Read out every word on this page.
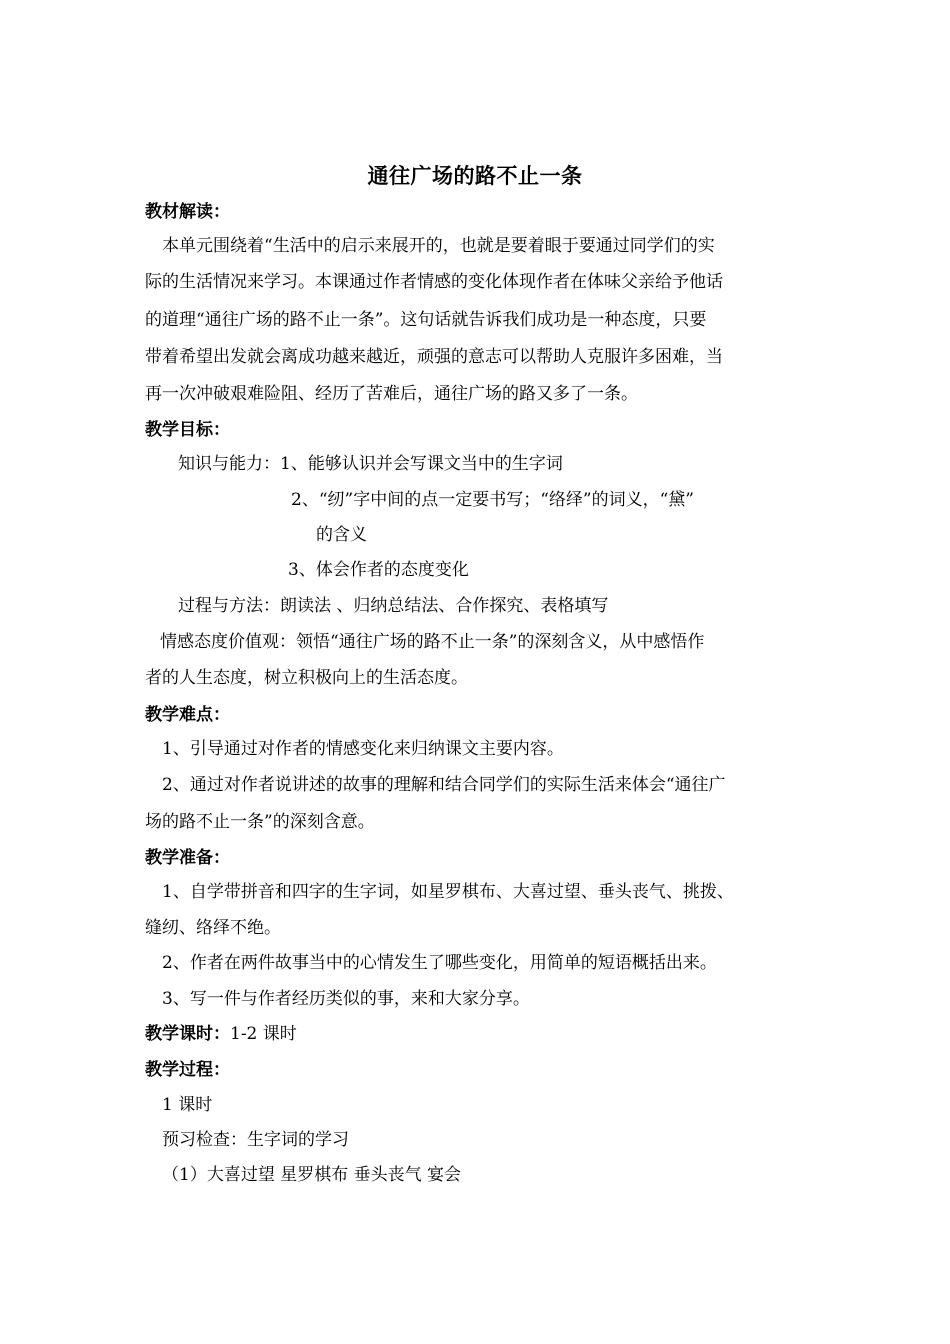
通往广场的路不止一条
教材解读：
本单元围绕着“生活中的启示来展开的，也就是要着眼于要通过同学们的实
际的生活情况来学习。本课通过作者情感的变化体现作者在体味父亲给予他话
的道理“通往广场的路不止一条”。这句话就告诉我们成功是一种态度，只要
带着希望出发就会离成功越来越近，顽强的意志可以帮助人克服许多困难，当
再一次冲破艰难险阻、经历了苦难后，通往广场的路又多了一条。
教学目标：
知识与能力：1、能够认识并会写课文当中的生字词
2、“纫”字中间的点一定要书写；“络绎”的词义，“黛”
的含义
3、体会作者的态度变化
过程与方法：朗读法 、归纳总结法、合作探究、表格填写
情感态度价值观：领悟“通往广场的路不止一条”的深刻含义，从中感悟作
者的人生态度，树立积极向上的生活态度。
教学难点：
1、引导通过对作者的情感变化来归纳课文主要内容。
2、通过对作者说讲述的故事的理解和结合同学们的实际生活来体会“通往广
场的路不止一条”的深刻含意。
教学准备：
1、自学带拼音和四字的生字词，如星罗棋布、大喜过望、垂头丧气、挑拨、
缝纫、络绎不绝。
2、作者在两件故事当中的心情发生了哪些变化，用简单的短语概括出来。
3、写一件与作者经历类似的事，来和大家分享。
教学课时：1-2 课时
教学过程：
1 课时
预习检查：生字词的学习
（1）大喜过望 星罗棋布 垂头丧气 宴会
